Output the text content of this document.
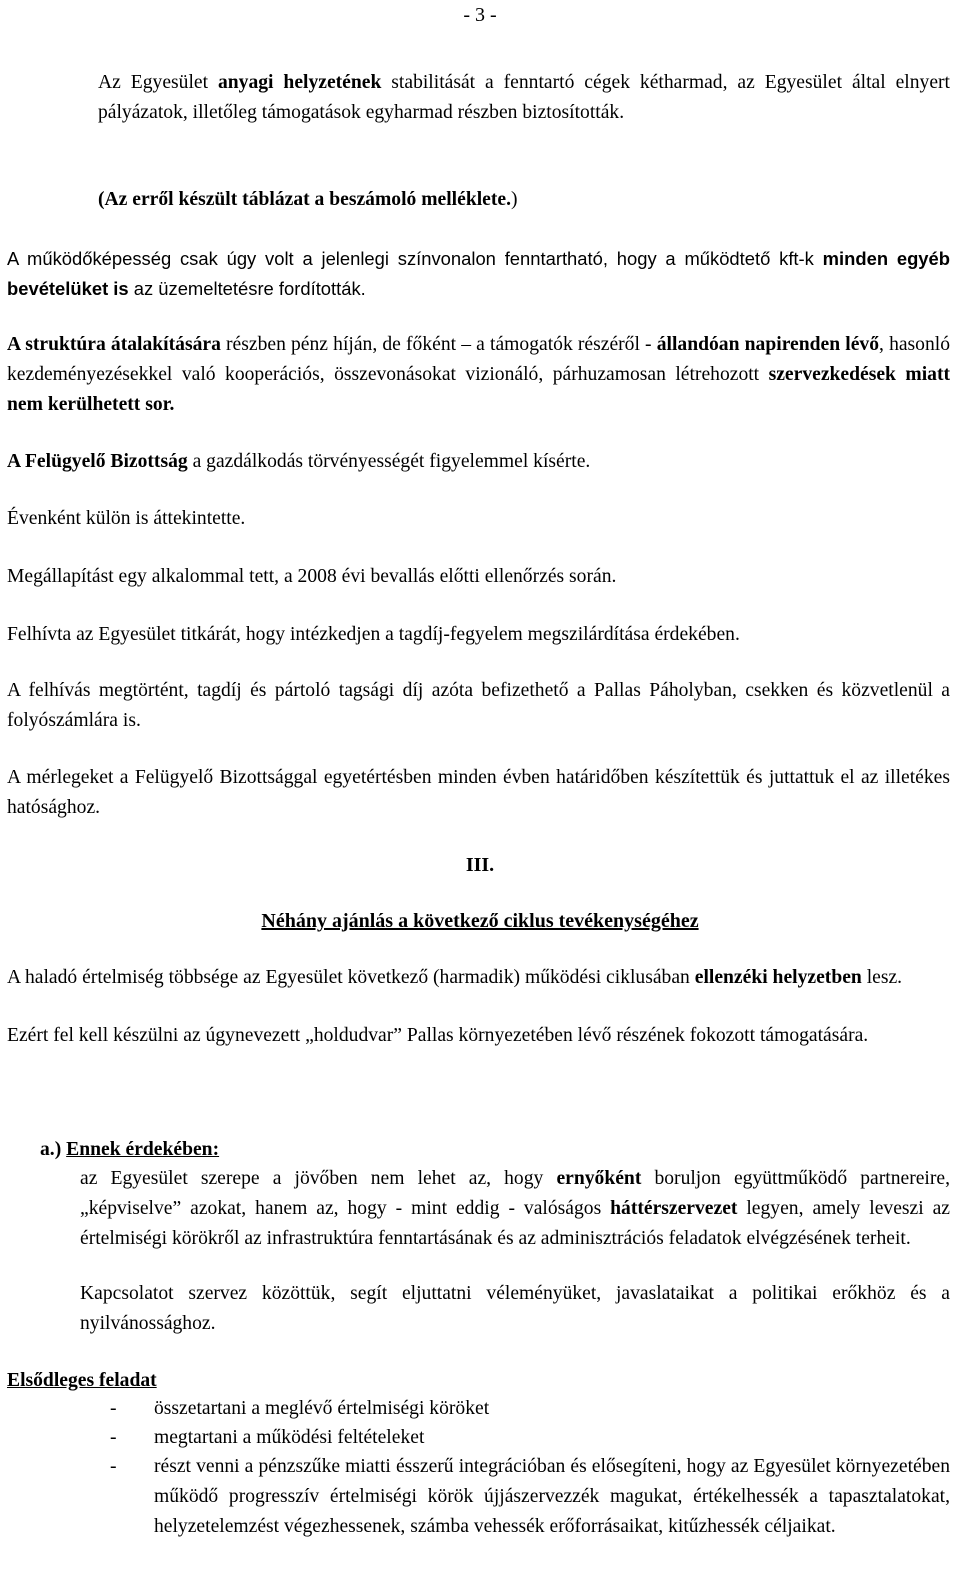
- 3 -

Az Egyesület anyagi helyzetének stabilitását a fenntartó cégek kétharmad, az Egyesület által elnyert pályázatok, illetőleg támogatások egyharmad részben biztosították.

(Az erről készült táblázat a beszámoló melléklete.)

A működőképesség csak úgy volt a jelenlegi színvonalon fenntartható, hogy a működtető kft-k minden egyéb bevételüket is az üzemeltetésre fordították.

A struktúra átalakítására részben pénz híján, de főként – a támogatók részéről - állandóan napirenden lévő, hasonló kezdeményezésekkel való kooperációs, összevonásokat vizionáló, párhuzamosan létrehozott szervezkedések miatt nem kerülhetett sor.

A Felügyelő Bizottság a gazdálkodás törvényességét figyelemmel kísérte.

Évenként külön is áttekintette.

Megállapítást egy alkalommal tett, a 2008 évi bevallás előtti ellenőrzés során.

Felhívta az Egyesület titkárát, hogy intézkedjen a tagdíj-fegyelem megszilárdítása érdekében.

A felhívás megtörtént, tagdíj és pártoló tagsági díj azóta befizethető a Pallas Páholyban, csekken és közvetlenül a folyószámlára is.

A mérlegeket a Felügyelő Bizottsággal egyetértésben minden évben határidőben készítettük és juttattuk el az illetékes hatósághoz.

III.

Néhány ajánlás a következő ciklus tevékenységéhez

A haladó értelmiség többsége az Egyesület következő (harmadik) működési ciklusában ellenzéki helyzetben lesz.

Ezért fel kell készülni az úgynevezett „holdudvar” Pallas környezetében lévő részének fokozott támogatására.

a.) Ennek érdekében:

az Egyesület szerepe a jövőben nem lehet az, hogy ernyőként boruljon együttműködő partnereire, „képviselve” azokat, hanem az, hogy - mint eddig - valóságos háttérszervezet legyen, amely leveszi az értelmiségi körökről az infrastruktúra fenntartásának és az adminisztrációs feladatok elvégzésének terheit.

Kapcsolatot szervez közöttük, segít eljuttatni véleményüket, javaslataikat a politikai erőkhöz és a nyilvánossághoz.

Elsődleges feladat

- összetartani a meglévő értelmiségi köröket
- megtartani a működési feltételeket
- részt venni a pénzszűke miatti ésszerű integrációban és elősegíteni, hogy az Egyesület környezetében működő progresszív értelmiségi körök újjászervezzék magukat, értékelhessék a tapasztalatokat, helyzetelemzést végezhessenek, számba vehessék erőforrásaikat, kitűzhessék céljaikat.
